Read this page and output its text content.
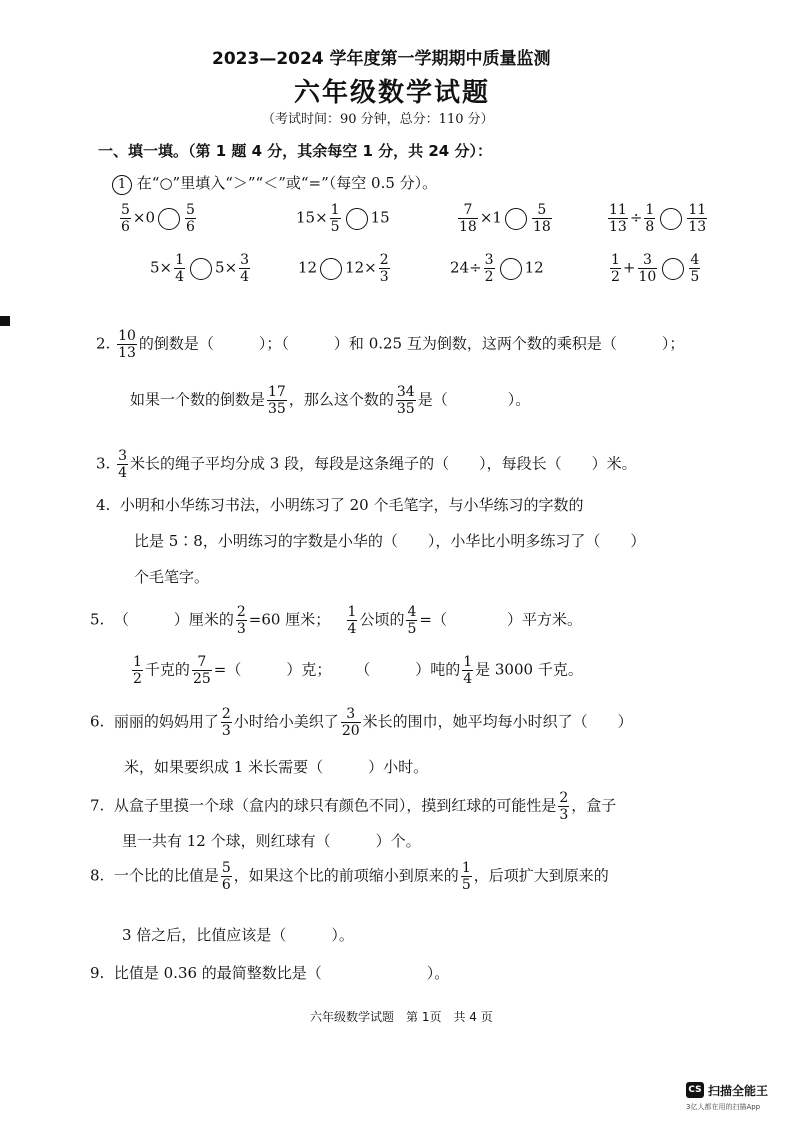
2023—2024 学年度第一学期期中质量监测
六年级数学试题
（考试时间：90 分钟，总分：110 分）
一、填一填。（第 1 题 4 分，其余每空 1 分，共 24 分）：
1 在“○”里填入“＞”“＜”或“=”（每空 0.5 分）。
$\frac{5}{6} \times 0 \frac{5}{6}$	$15\times \frac{1}{5} 15$	$\frac{7}{18} \times 1 \frac{5}{18}$	$\frac{11}{13} \div \frac{1}{8} \frac{11}{13}$
$5\times \frac{1}{4} 5\times \frac{3}{4}$	12 $12\times \frac{2}{3}$	$24\div \frac{3}{2} 12$	$\frac{1}{2} + \frac{3}{10} \frac{4}{5}$
2. $\frac{10}{13}$ 的倒数是（　　　）；（　　　）和 0.25 互为倒数，这两个数的乘积是（　　　）；
如果一个数的倒数是 $\frac{17}{35}$ ，那么这个数的 $\frac{34}{35}$ 是（　　　　）。
3. $\frac{3}{4}$ 米长的绳子平均分成 3 段，每段是这条绳子的（　　），每段长（　　）米。
4. 小明和小华练习书法，小明练习了 20 个毛笔字，与小华练习的字数的
比是 5∶8，小明练习的字数是小华的（　　），小华比小明多练习了（　　）
个毛笔字。
5. （　　　）厘米的 $\frac{2}{3} =60$ 厘米； $\frac{1}{4}$ 公顷的 $\frac{4}{5}$ =（　　　　）平方米。
$\frac{1}{2}$ 千克的 $\frac{7}{25}$ =（　　　）克； （　　　）吨的 $\frac{1}{4}$ 是 3000 千克。
6. 丽丽的妈妈用了 $\frac{2}{3}$ 小时给小美织了 $\frac{3}{20}$ 米长的围巾，她平均每小时织了（　　）
米，如果要织成 1 米长需要（　　　）小时。
7. 从盒子里摸一个球（盒内的球只有颜色不同），摸到红球的可能性是 $\frac{2}{3}$ ，盒子
里一共有 12 个球，则红球有（　　　）个。
8. 一个比的比值是 $\frac{5}{6}$ ，如果这个比的前项缩小到原来的 $\frac{1}{5}$ ，后项扩大到原来的
3 倍之后，比值应该是（　　　）。
9. 比值是 0.36 的最简整数比是（　　　　　　　）。
六年级数学试题　第 1页　共 4 页
CS 扫描全能王
3亿人都在用的扫描App
